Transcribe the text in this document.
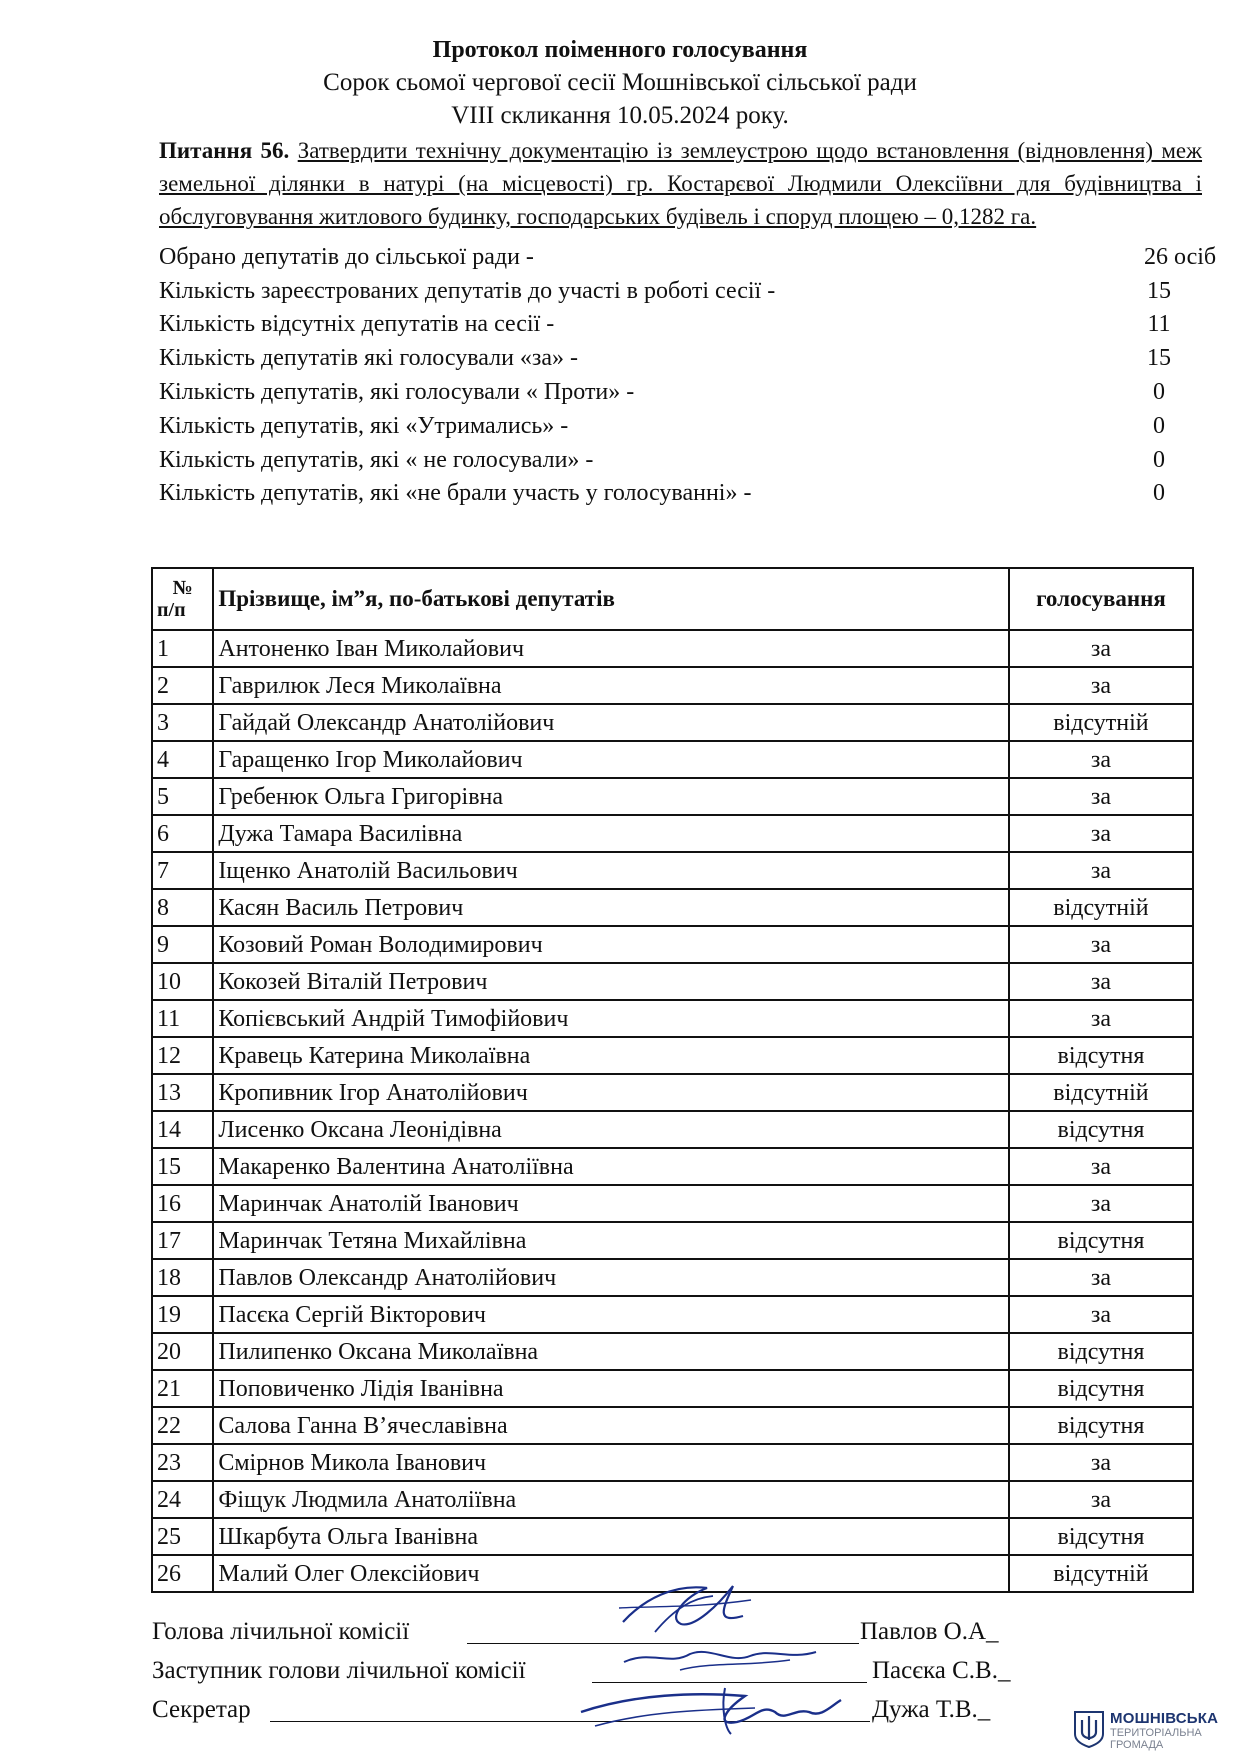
Протокол поіменного голосування
Сорок сьомої чергової сесії Мошнівської сільської ради
VIII скликання 10.05.2024 року.
Питання 56. Затвердити технічну документацію із землеустрою щодо встановлення (відновлення) меж земельної ділянки в натурі (на місцевості) гр. Костарєвої Людмили Олексіївни для будівництва і обслуговування житлового будинку, господарських будівель і споруд площею – 0,1282 га.
Обрано депутатів до сільської ради -	26 осіб
Кількість зареєстрованих депутатів до участі в роботі сесії -	15
Кількість відсутніх депутатів на сесії -	11
Кількість депутатів які голосували «за» -	15
Кількість депутатів, які голосували « Проти» -	0
Кількість депутатів, які «Утримались» -	0
Кількість депутатів, які « не голосували» -	0
Кількість депутатів, які «не брали участь у голосуванні» -	0
№
п/п	Прізвище, ім”я, по-батькові депутатів	голосування
1	Антоненко Іван Миколайович	за
2	Гаврилюк Леся Миколаївна	за
3	Гайдай Олександр Анатолійович	відсутній
4	Гаращенко Ігор Миколайович	за
5	Гребенюк Ольга Григорівна	за
6	Дужа Тамара Василівна	за
7	Іщенко Анатолій Васильович	за
8	Касян Василь Петрович	відсутній
9	Козовий Роман Володимирович	за
10	Кокозей Віталій Петрович	за
11	Копієвський Андрій Тимофійович	за
12	Кравець Катерина Миколаївна	відсутня
13	Кропивник Ігор Анатолійович	відсутній
14	Лисенко Оксана Леонідівна	відсутня
15	Макаренко Валентина Анатоліївна	за
16	Маринчак Анатолій Іванович	за
17	Маринчак Тетяна Михайлівна	відсутня
18	Павлов Олександр Анатолійович	за
19	Пасєка Сергій Вікторович	за
20	Пилипенко Оксана Миколаївна	відсутня
21	Поповиченко Лідія Іванівна	відсутня
22	Салова Ганна В’ячеславівна	відсутня
23	Смірнов Микола Іванович	за
24	Фіщук Людмила Анатоліївна	за
25	Шкарбута Ольга Іванівна	відсутня
26	Малий Олег Олексійович	відсутній
Голова лічильної комісії	Павлов О.А_
Заступник голови лічильної комісії	Пасєка С.В._
Секретар	Дужа Т.В._	МОШНІВСЬКА
ТЕРИТОРІАЛЬНА
ГРОМАДА
